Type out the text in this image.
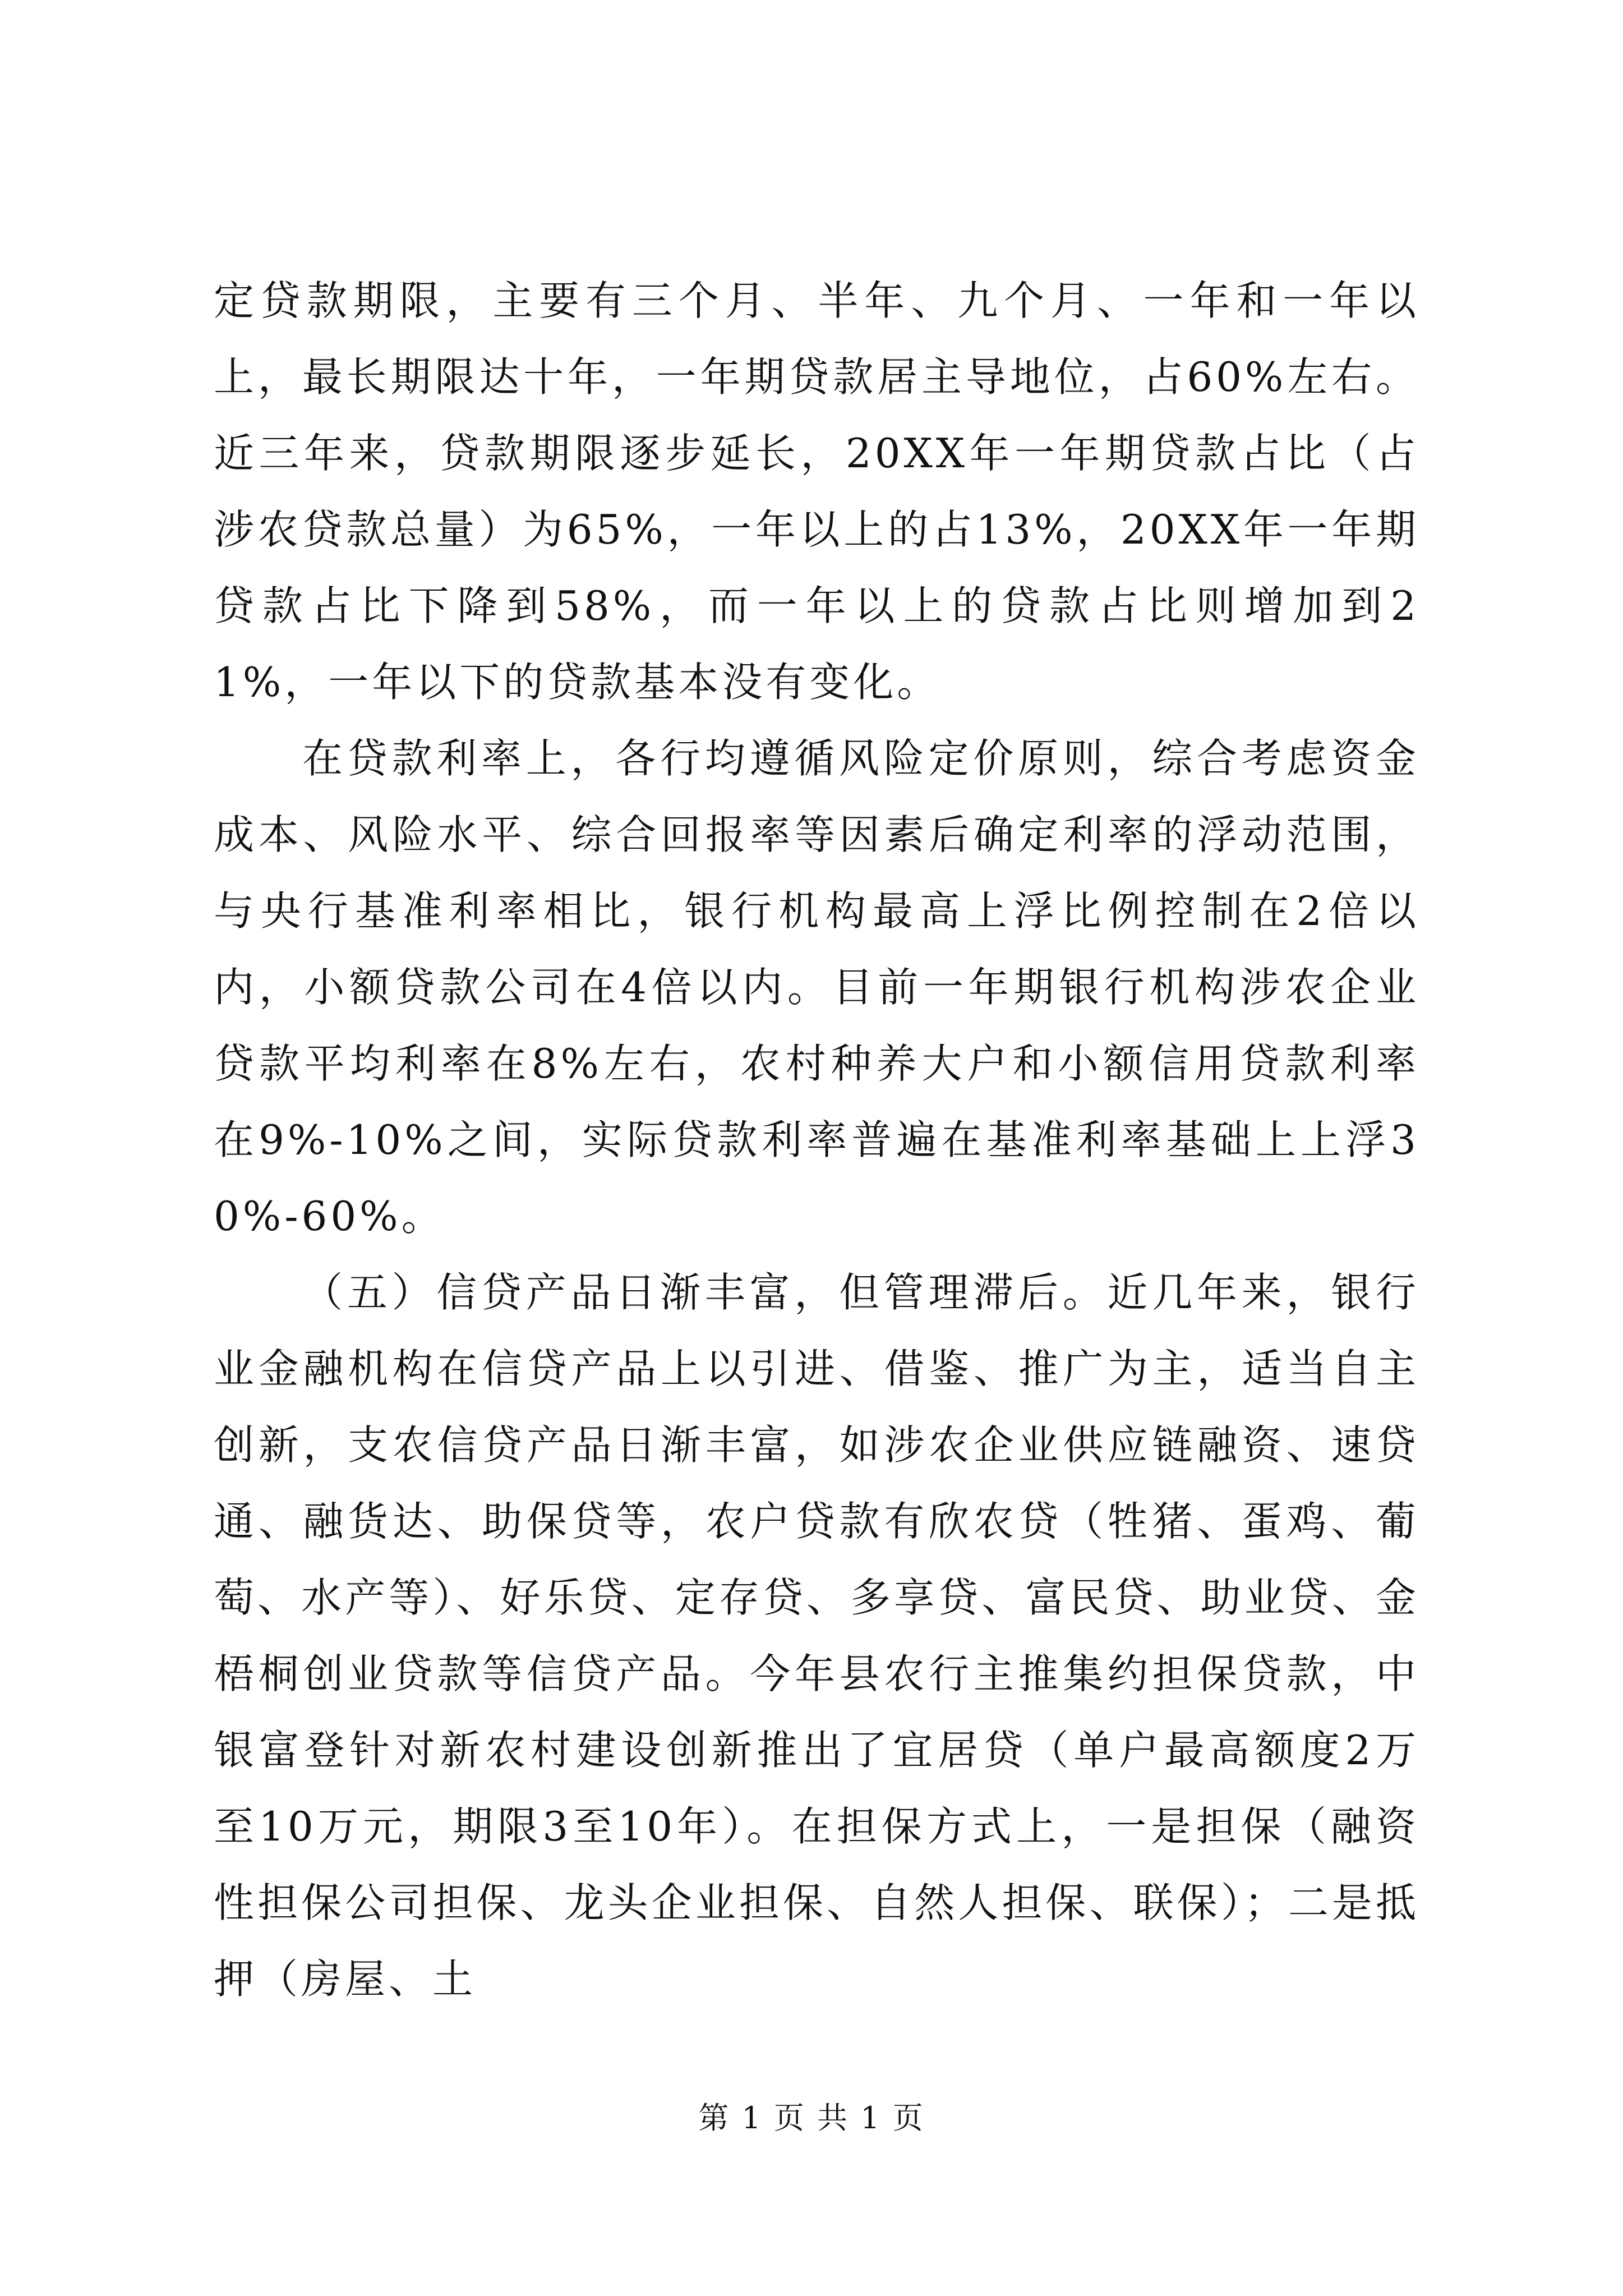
定贷款期限，主要有三个月、半年、九个月、一年和一年以上，最长期限达十年，一年期贷款居主导地位，占60%左右。近三年来，贷款期限逐步延长，20XX年一年期贷款占比（占涉农贷款总量）为65%，一年以上的占13%，20XX年一年期贷款占比下降到58%，而一年以上的贷款占比则增加到21%，一年以下的贷款基本没有变化。

在贷款利率上，各行均遵循风险定价原则，综合考虑资金成本、风险水平、综合回报率等因素后确定利率的浮动范围，与央行基准利率相比，银行机构最高上浮比例控制在2倍以内，小额贷款公司在4倍以内。目前一年期银行机构涉农企业贷款平均利率在8%左右，农村种养大户和小额信用贷款利率在9%-10%之间，实际贷款利率普遍在基准利率基础上上浮30%-60%。

（五）信贷产品日渐丰富，但管理滞后。近几年来，银行业金融机构在信贷产品上以引进、借鉴、推广为主，适当自主创新，支农信贷产品日渐丰富，如涉农企业供应链融资、速贷通、融货达、助保贷等，农户贷款有欣农贷（牲猪、蛋鸡、葡萄、水产等）、好乐贷、定存贷、多享贷、富民贷、助业贷、金梧桐创业贷款等信贷产品。今年县农行主推集约担保贷款，中银富登针对新农村建设创新推出了宜居贷（单户最高额度2万至10万元，期限3至10年）。在担保方式上，一是担保（融资性担保公司担保、龙头企业担保、自然人担保、联保）；二是抵押（房屋、土

第 1 页 共 1 页
